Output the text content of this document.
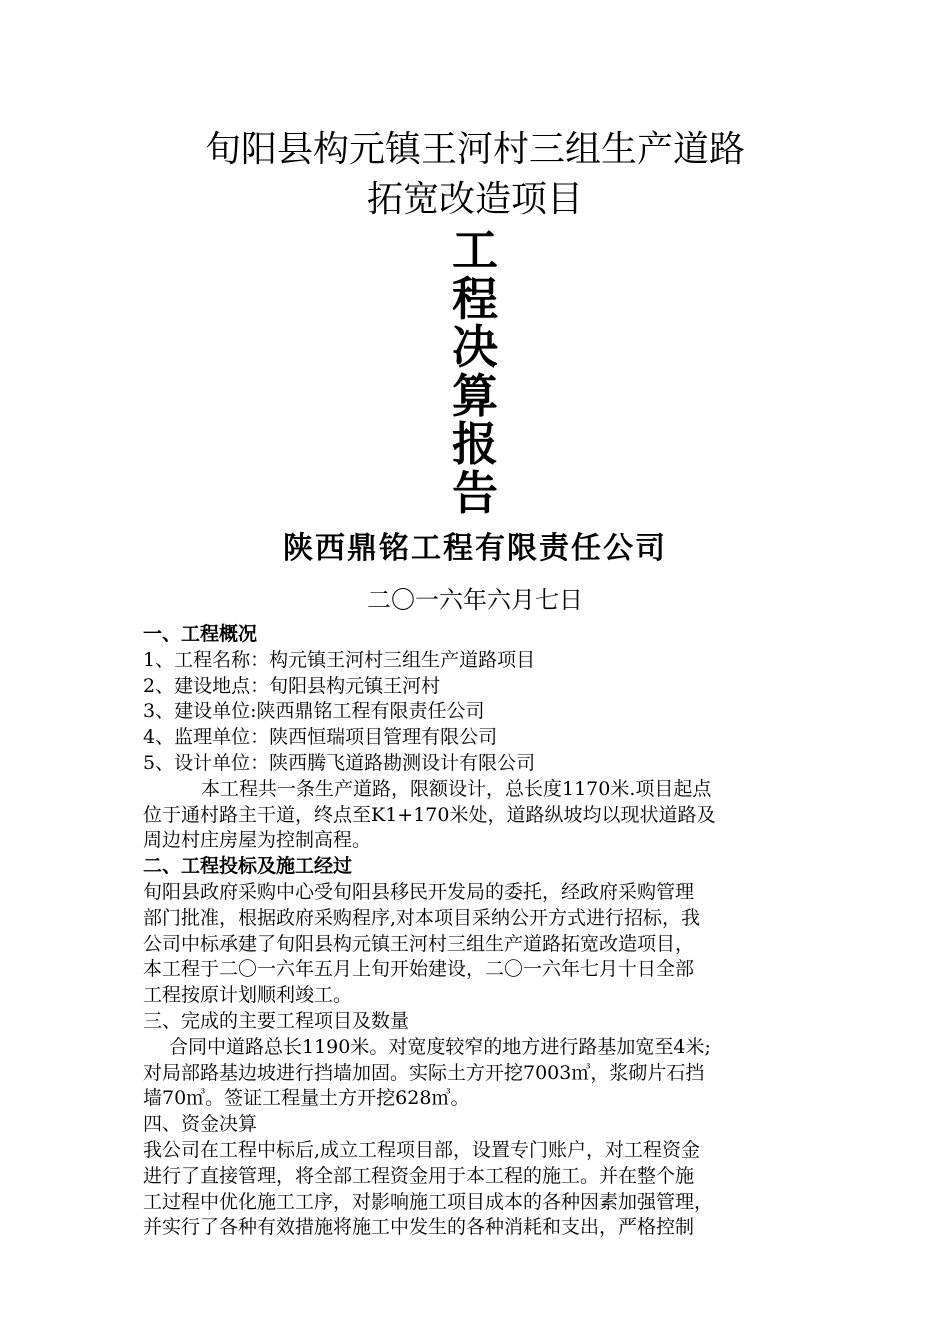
旬阳县构元镇王河村三组生产道路
拓宽改造项目
工
程
决
算
报
告
陕西鼎铭工程有限责任公司
二〇一六年六月七日

一、工程概况

1、工程名称：构元镇王河村三组生产道路项目

2、建设地点：旬阳县构元镇王河村

3、建设单位:陕西鼎铭工程有限责任公司

4、监理单位：陕西恒瑞项目管理有限公司

5、设计单位：陕西腾飞道路勘测设计有限公司

本工程共一条生产道路，限额设计，总长度1170米.项目起点

位于通村路主干道，终点至K1+170米处，道路纵坡均以现状道路及

周边村庄房屋为控制高程。

二、工程投标及施工经过

旬阳县政府采购中心受旬阳县移民开发局的委托，经政府采购管理

部门批准，根据政府采购程序,对本项目采纳公开方式进行招标，我

公司中标承建了旬阳县构元镇王河村三组生产道路拓宽改造项目，

本工程于二〇一六年五月上旬开始建设，二〇一六年七月十日全部

工程按原计划顺利竣工。

三、完成的主要工程项目及数量

合同中道路总长1190米。对宽度较窄的地方进行路基加宽至4米;

对局部路基边坡进行挡墙加固。实际土方开挖7003㎥，浆砌片石挡

墙70㎥。签证工程量土方开挖628㎥。

四、资金决算

我公司在工程中标后,成立工程项目部，设置专门账户，对工程资金

进行了直接管理，将全部工程资金用于本工程的施工。并在整个施

工过程中优化施工工序，对影响施工项目成本的各种因素加强管理，

并实行了各种有效措施将施工中发生的各种消耗和支出，严格控制
